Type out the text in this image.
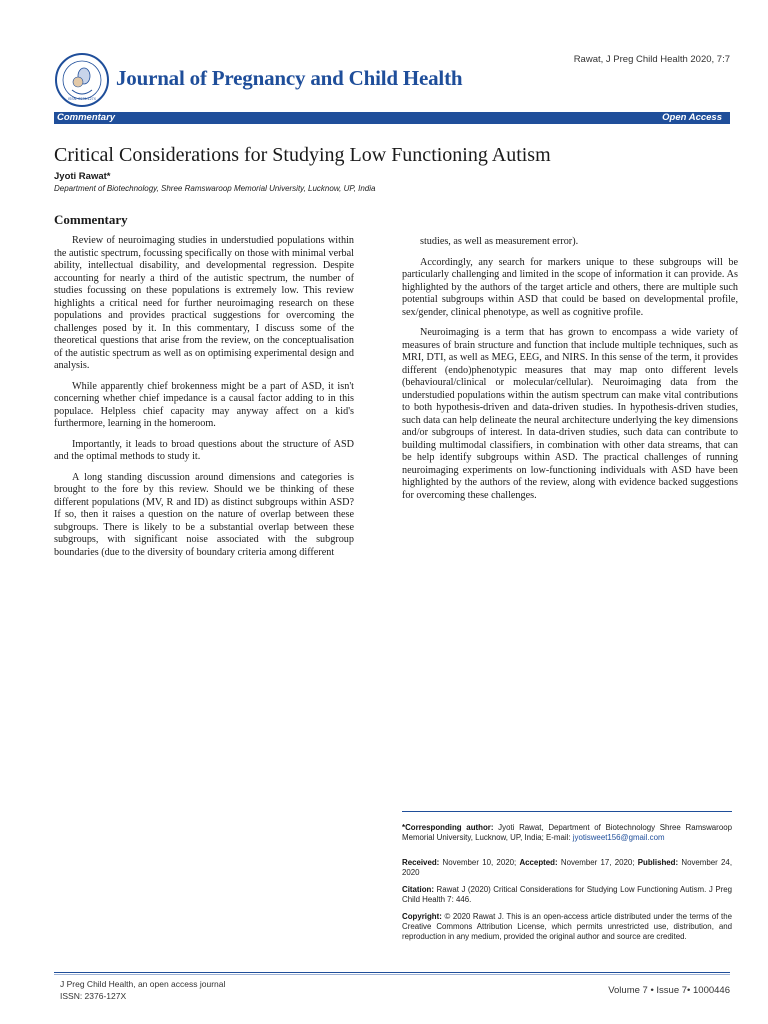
Rawat, J Preg Child Health 2020, 7:7
ISSN: 2376-127X
Journal of Pregnancy and Child Health
Commentary	Open Access
Critical Considerations for Studying Low Functioning Autism
Jyoti Rawat*
Department of Biotechnology, Shree Ramswaroop Memorial University, Lucknow, UP, India
Commentary

Review of neuroimaging studies in understudied populations within the autistic spectrum, focussing specifically on those with minimal verbal ability, intellectual disability, and developmental regression. Despite accounting for nearly a third of the autistic spectrum, the number of studies focussing on these populations is extremely low. This review highlights a critical need for further neuroimaging research on these populations and provides practical suggestions for overcoming the challenges posed by it. In this commentary, I discuss some of the theoretical questions that arise from the review, on the conceptualisation of the autistic spectrum as well as on optimising experimental design and analysis.

While apparently chief brokenness might be a part of ASD, it isn't concerning whether chief impedance is a causal factor adding to in this populace. Helpless chief capacity may anyway affect on a kid's furthermore, learning in the homeroom.

Importantly, it leads to broad questions about the structure of ASD and the optimal methods to study it.

A long standing discussion around dimensions and categories is brought to the fore by this review. Should we be thinking of these different populations (MV, R and ID) as distinct subgroups within ASD? If so, then it raises a question on the nature of overlap between these subgroups. There is likely to be a substantial overlap between these subgroups, with significant noise associated with the subgroup boundaries (due to the diversity of boundary criteria among different

studies, as well as measurement error).

Accordingly, any search for markers unique to these subgroups will be particularly challenging and limited in the scope of information it can provide. As highlighted by the authors of the target article and others, there are multiple such potential subgroups within ASD that could be based on developmental profile, sex/gender, clinical phenotype, as well as cognitive profile.

Neuroimaging is a term that has grown to encompass a wide variety of measures of brain structure and function that include multiple techniques, such as MRI, DTI, as well as MEG, EEG, and NIRS. In this sense of the term, it provides different (endo)phenotypic measures that may map onto different levels (behavioural/clinical or molecular/cellular). Neuroimaging data from the understudied populations within the autism spectrum can make vital contributions to both hypothesis-driven and data-driven studies. In hypothesis-driven studies, such data can help delineate the neural architecture underlying the key dimensions and/or subgroups of interest. In data-driven studies, such data can contribute to building multimodal classifiers, in combination with other data streams, that can be help identify subgroups within ASD. The practical challenges of running neuroimaging experiments on low-functioning individuals with ASD have been highlighted by the authors of the review, along with evidence backed suggestions for overcoming these challenges.

*Corresponding author: Jyoti Rawat, Department of Biotechnology Shree Ramswaroop Memorial University, Lucknow, UP, India; E-mail: jyotisweet156@gmail.com
Received: November 10, 2020; Accepted: November 17, 2020; Published: November 24, 2020
Citation: Rawat J (2020) Critical Considerations for Studying Low Functioning Autism. J Preg Child Health 7: 446.
Copyright: © 2020 Rawat J. This is an open-access article distributed under the terms of the Creative Commons Attribution License, which permits unrestricted use, distribution, and reproduction in any medium, provided the original author and source are credited.
J Preg Child Health, an open access journal
ISSN: 2376-127X	Volume 7 • Issue 7• 1000446
